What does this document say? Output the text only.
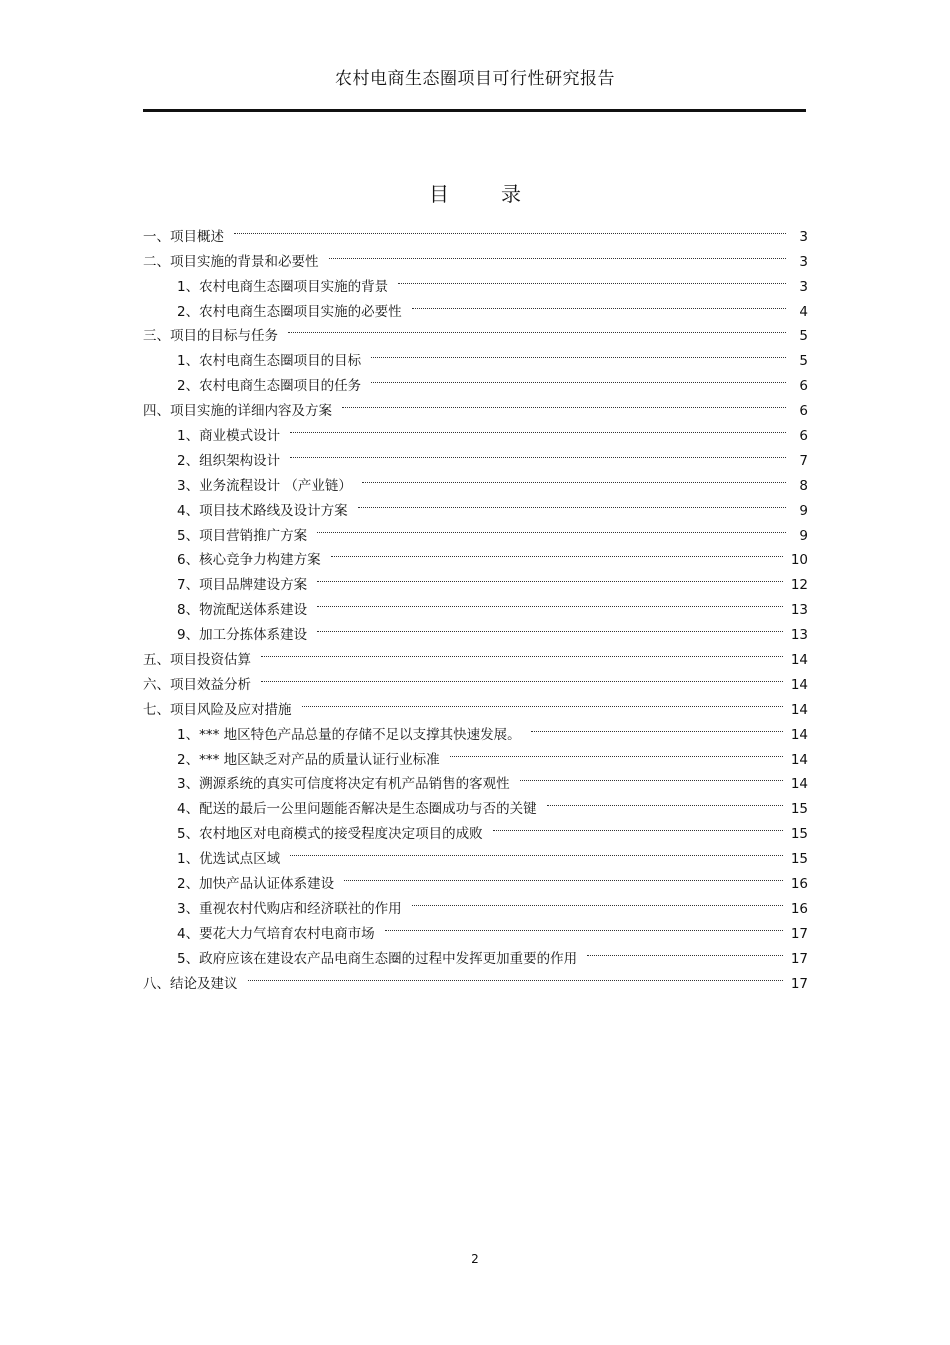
农村电商生态圈项目可行性研究报告
目	录
一、项目概述	3
二、项目实施的背景和必要性	3
1、农村电商生态圈项目实施的背景	3
2、农村电商生态圈项目实施的必要性	4
三、项目的目标与任务	5
1、农村电商生态圈项目的目标	5
2、农村电商生态圈项目的任务	6
四、项目实施的详细内容及方案	6
1、商业模式设计	6
2、组织架构设计	7
3、业务流程设计 （产业链）	8
4、项目技术路线及设计方案	9
5、项目营销推广方案	9
6、核心竞争力构建方案	10
7、项目品牌建设方案	12
8、物流配送体系建设	13
9、加工分拣体系建设	13
五、项目投资估算	14
六、项目效益分析	14
七、项目风险及应对措施	14
1、*** 地区特色产品总量的存储不足以支撑其快速发展。	14
2、*** 地区缺乏对产品的质量认证行业标准	14
3、溯源系统的真实可信度将决定有机产品销售的客观性	14
4、配送的最后一公里问题能否解决是生态圈成功与否的关键	15
5、农村地区对电商模式的接受程度决定项目的成败	15
1、优选试点区域	15
2、加快产品认证体系建设	16
3、重视农村代购店和经济联社的作用	16
4、要花大力气培育农村电商市场	17
5、政府应该在建设农产品电商生态圈的过程中发挥更加重要的作用	17
八、结论及建议	17
2
